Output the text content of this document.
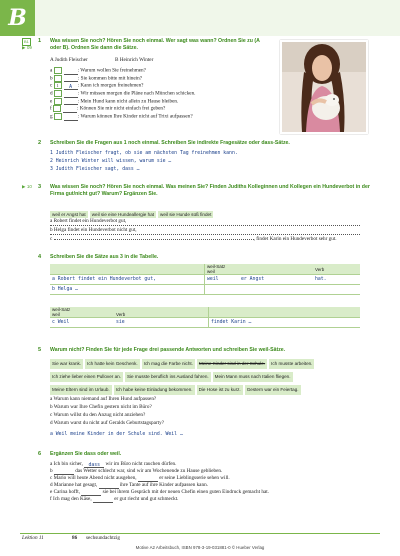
B
B1
▶ 09
1 Was wissen Sie noch? Hören Sie noch einmal. Wer sagt was wann? Ordnen Sie zu (A oder B). Ordnen Sie dann die Sätze.
A Judith Fleischer	B Heinrich Winter
a	: Warum wollen Sie freinehmen?
b	: Sie kommen bitte mit hinein?
c 1 A : Kann ich morgen freinehmen?
d	: Wir müssen morgen die Pläne nach München schicken.
e	: Mein Hund kann nicht allein zu Hause bleiben.
f	: Können Sie mir nicht einfach frei geben?
g	: Warum können Ihre Kinder nicht auf Trixi aufpassen?
2 Schreiben Sie die Fragen aus 1 noch einmal. Schreiben Sie indirekte Fragesätze oder dass-Sätze.
1 Judith Fleischer fragt, ob sie am nächsten Tag freinehmen kann.
2 Heinrich Winter will wissen, warum sie …
3 Judith Fleischer sagt, dass …
▶ 10 3 Was wissen Sie noch? Hören Sie noch einmal. Was meinen Sie? Finden Judiths Kolleginnen und Kollegen ein Hundeverbot in der Firma gut/nicht gut? Warum? Ergänzen Sie.
weil er Angst hat weil sie eine Hundeallergie hat weil sie Hunde süß findet
a Robert findet ein Hundeverbot gut,
b Helga findet ein Hundeverbot nicht gut,
c	, findet Karin ein Hundeverbot sehr gut.
4 Schreiben Sie die Sätze aus 3 in die Tabelle.
	weil-Satz
weil		Verb
a Robert findet ein Hundeverbot gut,	weil	er Angst	hat.
b Helga …			
weil-Satz
weil	Verb	
c Weil	sie	findet Karin …
5 Warum nicht? Finden Sie für jede Frage drei passende Antworten und schreiben Sie weil-Sätze.
Sie war krank. Ich hatte kein Geschenk. Ich mag die Farbe nicht. Meine Kinder sind in der Schule. Ich musste arbeiten.Ich ziehe lieber einen Pullover an. Sie musste beruflich ins Ausland fahren. Mein Mann muss nach Italien fliegen.Meine Eltern sind im Urlaub. Ich habe keine Einladung bekommen. Die Hose ist zu kurz. Gestern war ein Feiertag.
a Warum kann niemand auf Ihren Hund aufpassen?
b Warum war Ihre Chefin gestern nicht im Büro?
c Warum willst du den Anzug nicht anziehen?
d Warum warst du nicht auf Geralds Geburtstagsparty?
a Weil meine Kinder in der Schule sind. Weil …
6 Ergänzen Sie dass oder weil.
a Ich bin sicher, dass wir im Büro nicht rauchen dürfen.
b	das Wetter schlecht war, sind wir am Wochenende zu Hause geblieben.
c Mario will heute Abend nicht ausgehen,	er seine Lieblingsserie sehen will.
d Marianne hat gesagt,	ihre Tante auf ihre Kinder aufpassen kann.
e Carina hofft,	sie bei ihrem Gespräch mit der neuen Chefin einen guten Eindruck gemacht hat.
f Ich mag den Käse,	er gut riecht und gut schmeckt.
Lektion 11	86 sechsundachtzig
Motive A2 Arbeitsbuch, ISBN 978-3-19-031881-0 © Hueber Verlag
